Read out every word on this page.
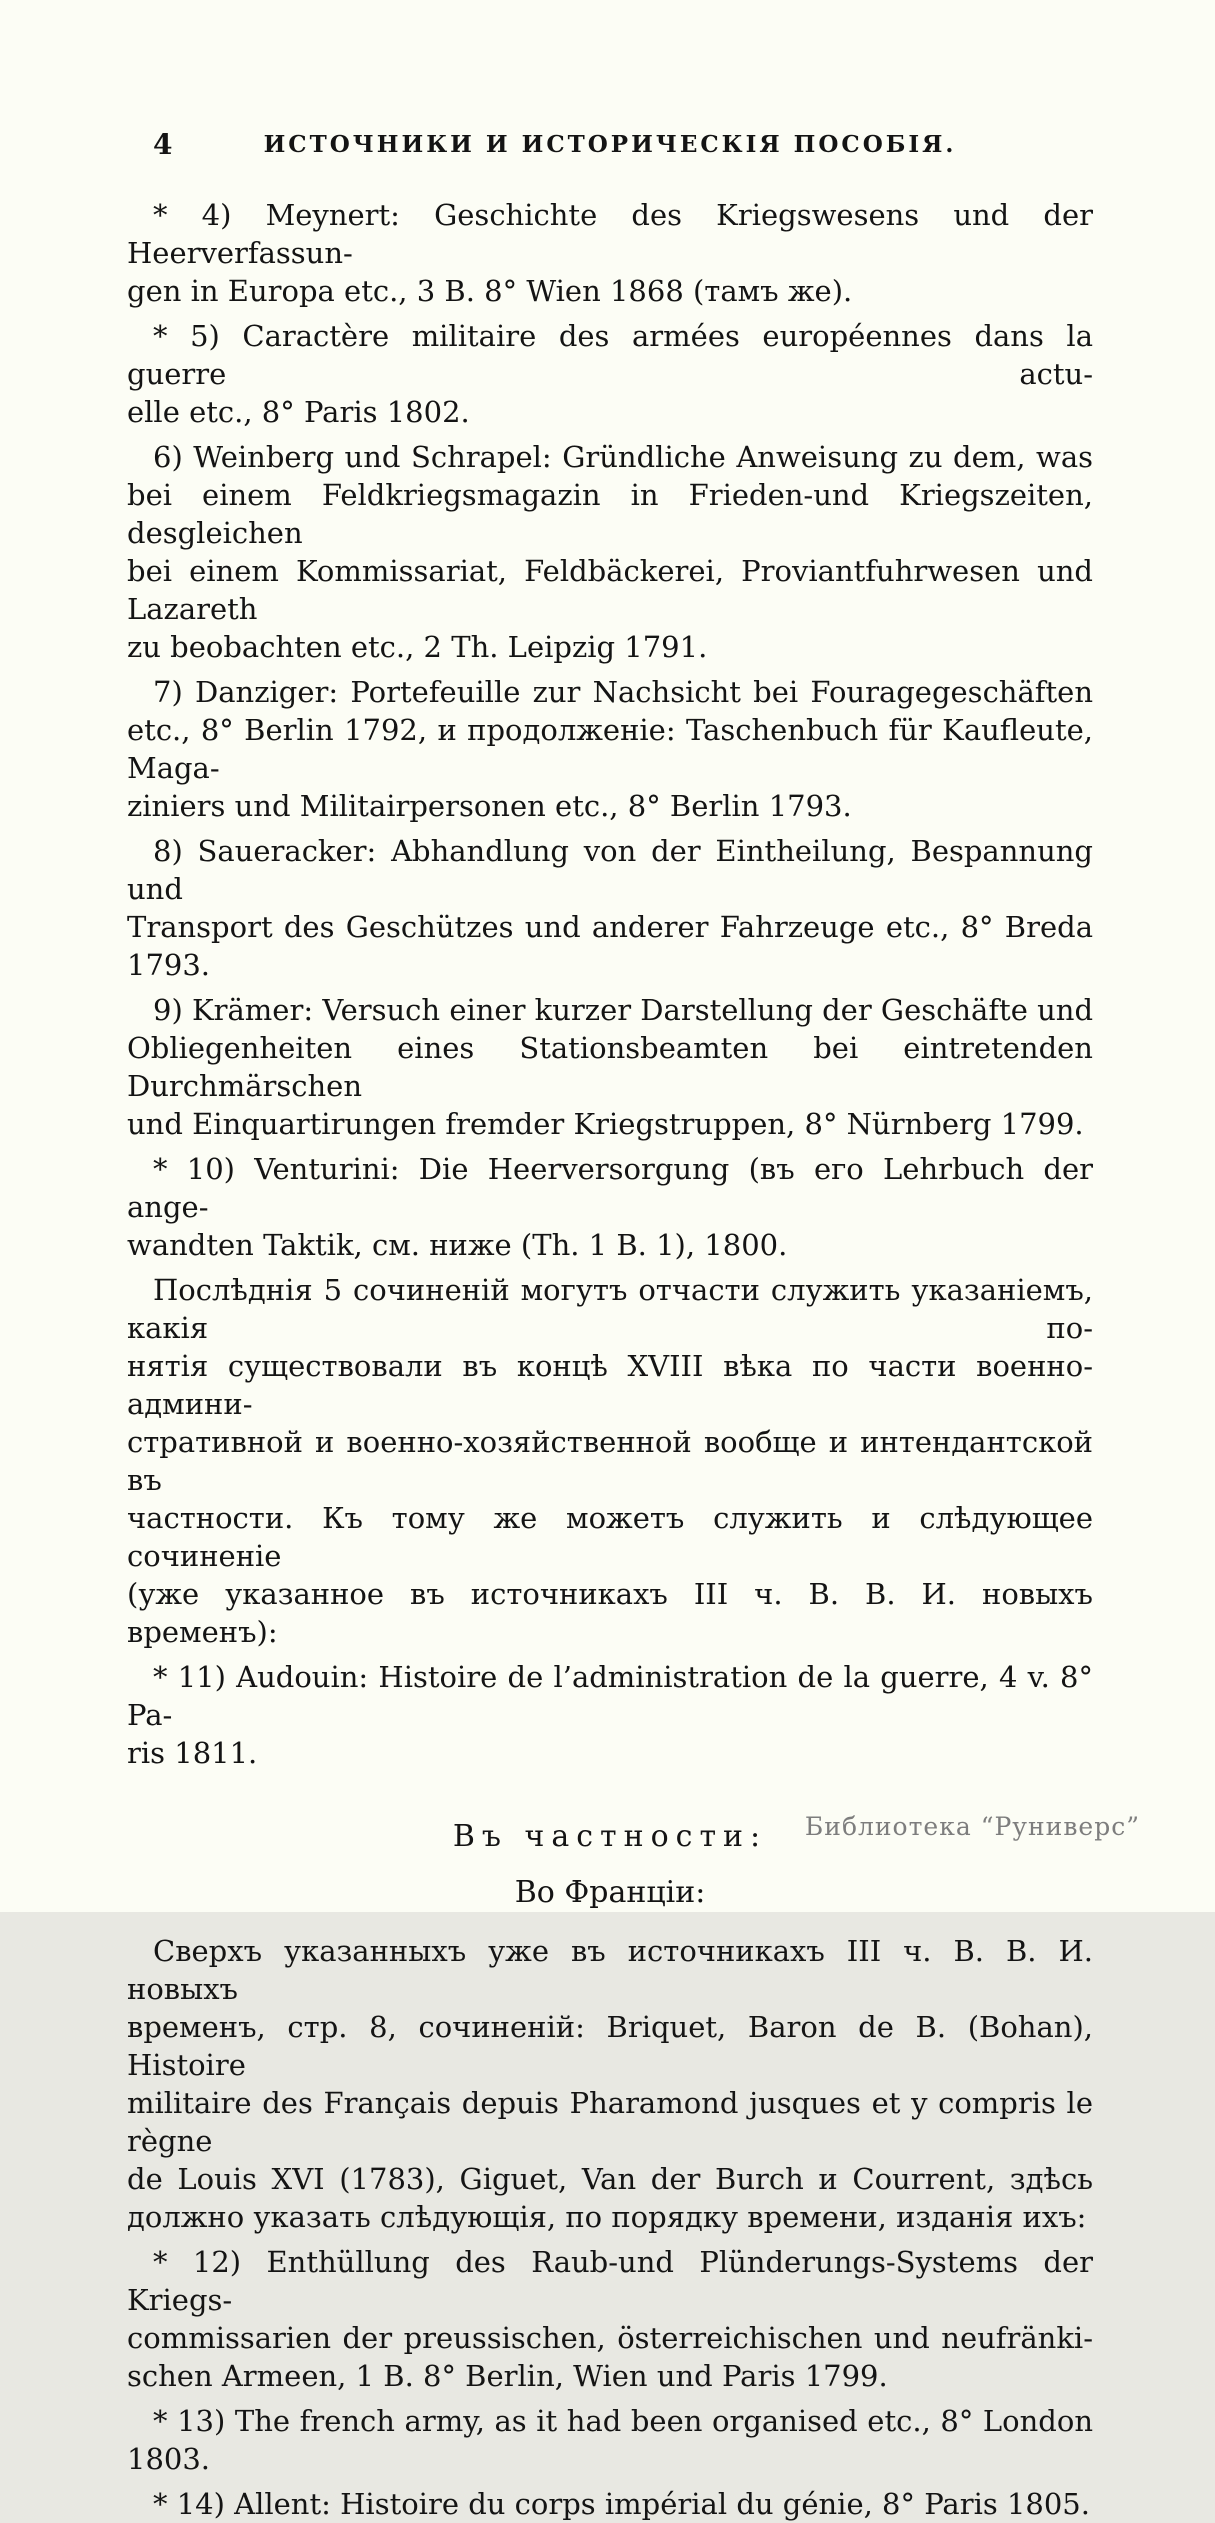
4	ИСТОЧНИКИ И ИСТОРИЧЕСКІЯ ПОСОБІЯ.
* 4) Meynert: Geschichte des Kriegswesens und der Heerverfassun-
gen in Europa etc., 3 B. 8° Wien 1868 (тамъ же).
* 5) Caractère militaire des armées européennes dans la guerre actu-
elle etc., 8° Paris 1802.
6) Weinberg und Schrapel: Gründliche Anweisung zu dem, was
bei einem Feldkriegsmagazin in Frieden-und Kriegszeiten, desgleichen
bei einem Kommissariat, Feldbäckerei, Proviantfuhrwesen und Lazareth
zu beobachten etc., 2 Th. Leipzig 1791.
7) Danziger: Portefeuille zur Nachsicht bei Fouragegeschäften
etc., 8° Berlin 1792, и продолженіе: Taschenbuch für Kaufleute, Maga-
ziniers und Militairpersonen etc., 8° Berlin 1793.
8) Saueracker: Abhandlung von der Eintheilung, Bespannung und
Transport des Geschützes und anderer Fahrzeuge etc., 8° Breda 1793.
9) Krämer: Versuch einer kurzer Darstellung der Geschäfte und
Obliegenheiten eines Stationsbeamten bei eintretenden Durchmärschen
und Einquartirungen fremder Kriegstruppen, 8° Nürnberg 1799.
* 10) Venturini: Die Heerversorgung (въ его Lehrbuch der ange-
wandten Taktik, см. ниже (Th. 1 B. 1), 1800.
Послѣднія 5 сочиненій могутъ отчасти служить указаніемъ, какія по-
нятія существовали въ концѣ XVIII вѣка по части военно-админи-
стративной и военно-хозяйственной вообще и интендантской въ
частности. Къ тому же можетъ служить и слѣдующее сочиненіе
(уже указанное въ источникахъ III ч. В. В. И. новыхъ временъ):
* 11) Audouin: Histoire de l’administration de la guerre, 4 v. 8° Pa-
ris 1811.
Въ частности:
Во Франціи:
Сверхъ указанныхъ уже въ источникахъ III ч. В. В. И. новыхъ
временъ, стр. 8, сочиненій: Briquet, Baron de B. (Bohan), Histoire
militaire des Français depuis Pharamond jusques et y compris le règne
de Louis XVI (1783), Giguet, Van der Burch и Courrent, здѣсь
должно указать слѣдующія, по порядку времени, изданія ихъ:
* 12) Enthüllung des Raub-und Plünderungs-Systems der Kriegs-
commissarien der preussischen, österreichischen und neufränki-
schen Armeen, 1 B. 8° Berlin, Wien und Paris 1799.
* 13) The french army, as it had been organised etc., 8° London
1803.
* 14) Allent: Histoire du corps impérial du génie, 8° Paris 1805.
Библиотека “Руниверс”
